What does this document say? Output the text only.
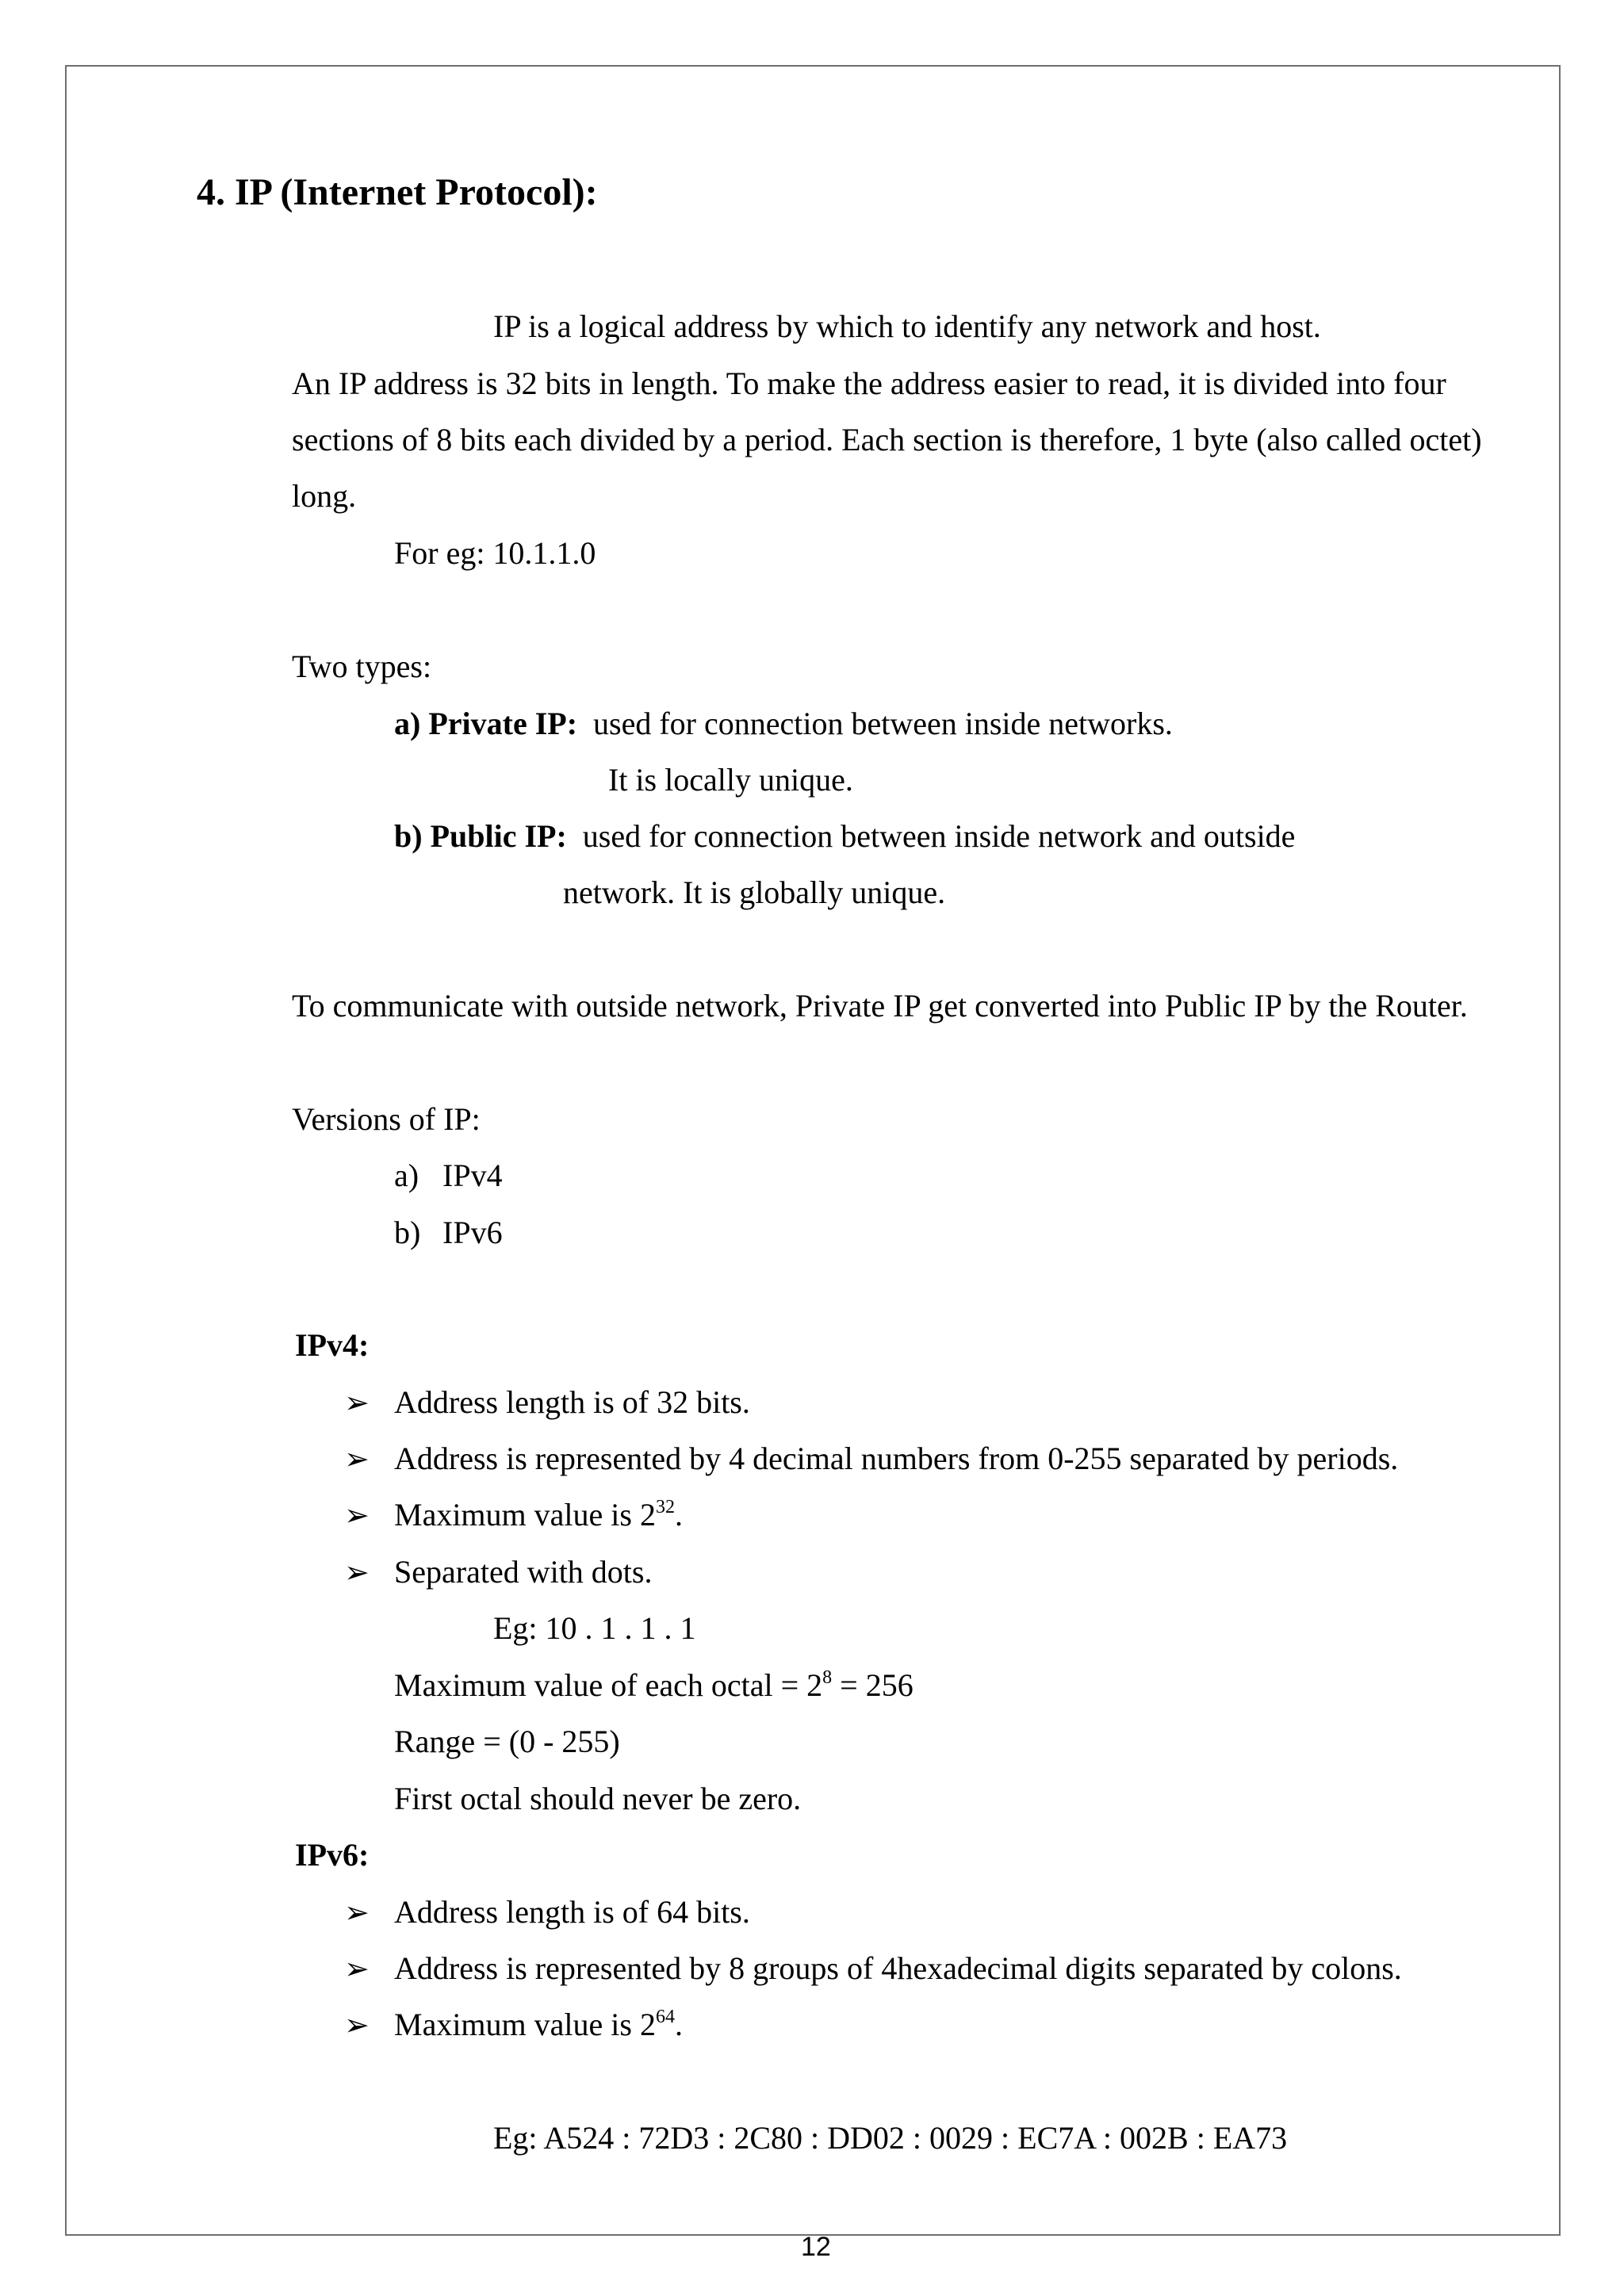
4. IP (Internet Protocol):
IP is a logical address by which to identify any network and host.
An IP address is 32 bits in length. To make the address easier to read, it is divided into four
sections of 8 bits each divided by a period. Each section is therefore, 1 byte (also called octet)
long.
For eg: 10.1.1.0
Two types:
a) Private IP: used for connection between inside networks.
It is locally unique.
b) Public IP: used for connection between inside network and outside
network. It is globally unique.
To communicate with outside network, Private IP get converted into Public IP by the Router.
Versions of IP:
a) IPv4
b) IPv6
IPv4:
➢ Address length is of 32 bits.
➢ Address is represented by 4 decimal numbers from 0-255 separated by periods.
➢ Maximum value is $2^{32}$.
➢ Separated with dots.
Eg: 10 . 1 . 1 . 1
Maximum value of each octal = $2^8 = 256$
Range = (0 - 255)
First octal should never be zero.
IPv6:
➢ Address length is of 64 bits.
➢ Address is represented by 8 groups of 4hexadecimal digits separated by colons.
➢ Maximum value is $2^{64}$.
Eg: A524 : 72D3 : 2C80 : DD02 : 0029 : EC7A : 002B : EA73
12
